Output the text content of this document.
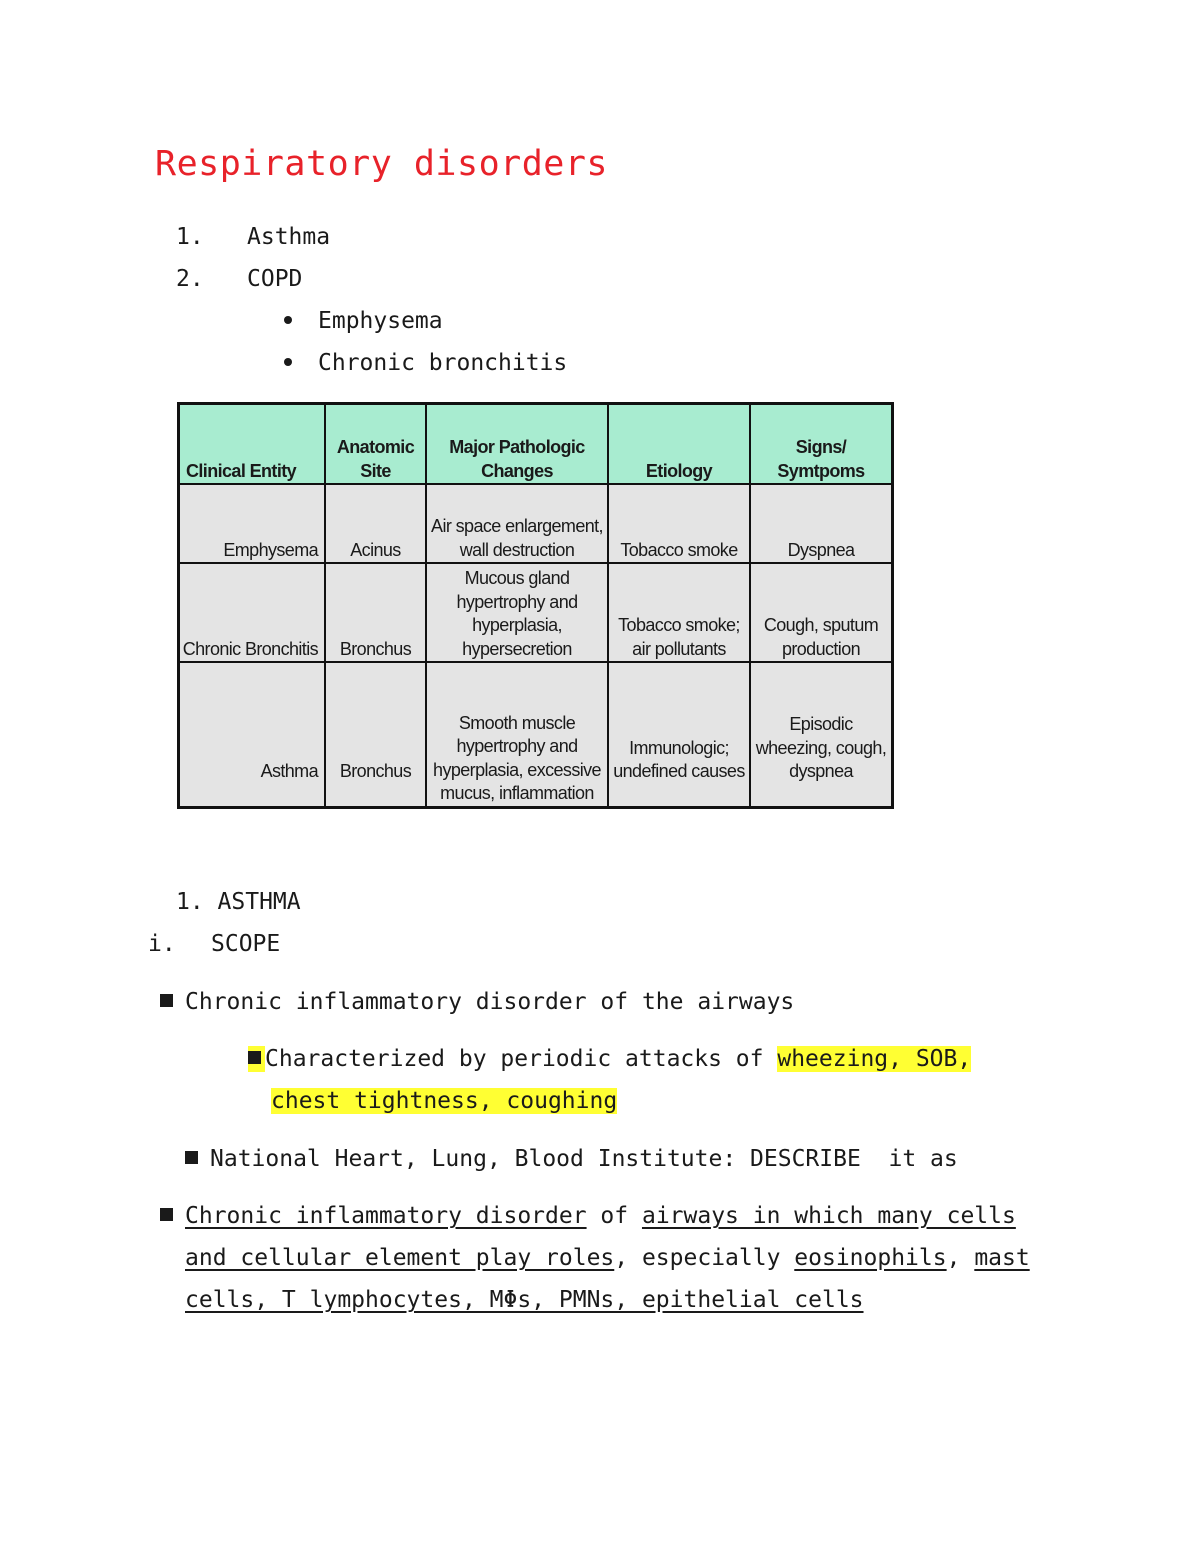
Respiratory disorders
1. Asthma
2. COPD
Emphysema
Chronic bronchitis
Clinical Entity	Anatomic Site	Major Pathologic Changes	Etiology	Signs/ Symtpoms
Emphysema	Acinus	Air space enlargement, wall destruction	Tobacco smoke	Dyspnea
Chronic Bronchitis	Bronchus	Mucous gland hypertrophy and hyperplasia, hypersecretion	Tobacco smoke; air pollutants	Cough, sputum production
Asthma	Bronchus	Smooth muscle hypertrophy and hyperplasia, excessive mucus, inflammation	Immunologic; undefined causes	Episodic wheezing, cough, dyspnea
1. ASTHMA
i. SCOPE
Chronic inflammatory disorder of the airways
Characterized by periodic attacks of wheezing, SOB,
chest tightness, coughing
National Heart, Lung, Blood Institute: DESCRIBE  it as
Chronic inflammatory disorder of airways in which many cells
and cellular element play roles, especially eosinophils, mast
cells, T lymphocytes, MΦs, PMNs, epithelial cells
